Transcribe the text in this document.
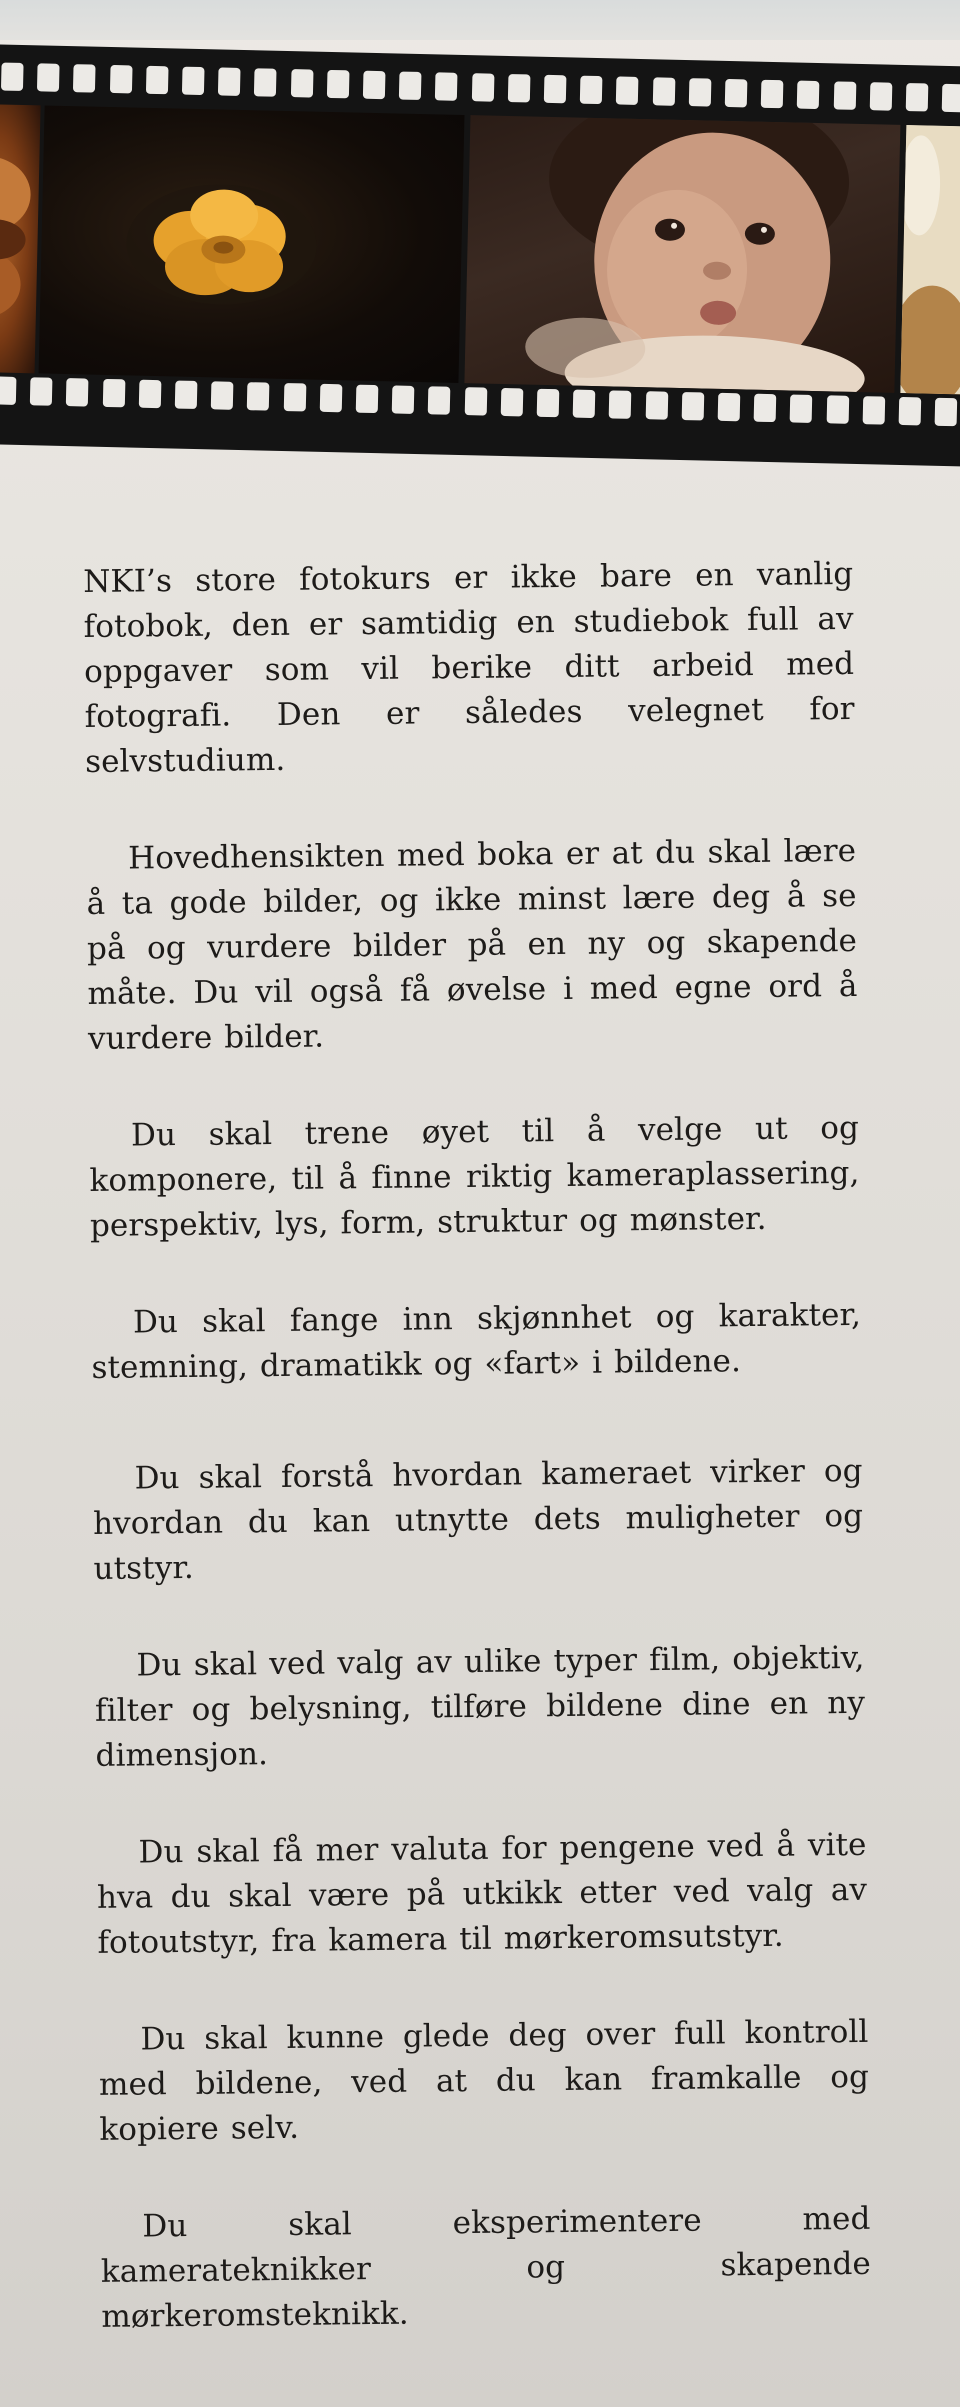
NKI’s store fotokurs er ikke bare en vanlig fotobok, den er samtidig en studiebok full av oppgaver som vil berike ditt arbeid med fotografi. Den er således velegnet for selvstudium.

Hovedhensikten med boka er at du skal lære å ta gode bilder, og ikke minst lære deg å se på og vurdere bilder på en ny og skapende måte. Du vil også få øvelse i med egne ord å vurdere bilder.

Du skal trene øyet til å velge ut og komponere, til å finne riktig kameraplassering, perspektiv, lys, form, struktur og mønster.

Du skal fange inn skjønnhet og karakter, stemning, dramatikk og «fart» i bildene.

Du skal forstå hvordan kameraet virker og hvordan du kan utnytte dets muligheter og utstyr.

Du skal ved valg av ulike typer film, objektiv, filter og belysning, tilføre bildene dine en ny dimensjon.

Du skal få mer valuta for pengene ved å vite hva du skal være på utkikk etter ved valg av fotoutstyr, fra kamera til mørkeromsutstyr.

Du skal kunne glede deg over full kontroll med bildene, ved at du kan framkalle og kopiere selv.

Du skal eksperimentere med kamerateknikker og skapende mørkeromsteknikk.
